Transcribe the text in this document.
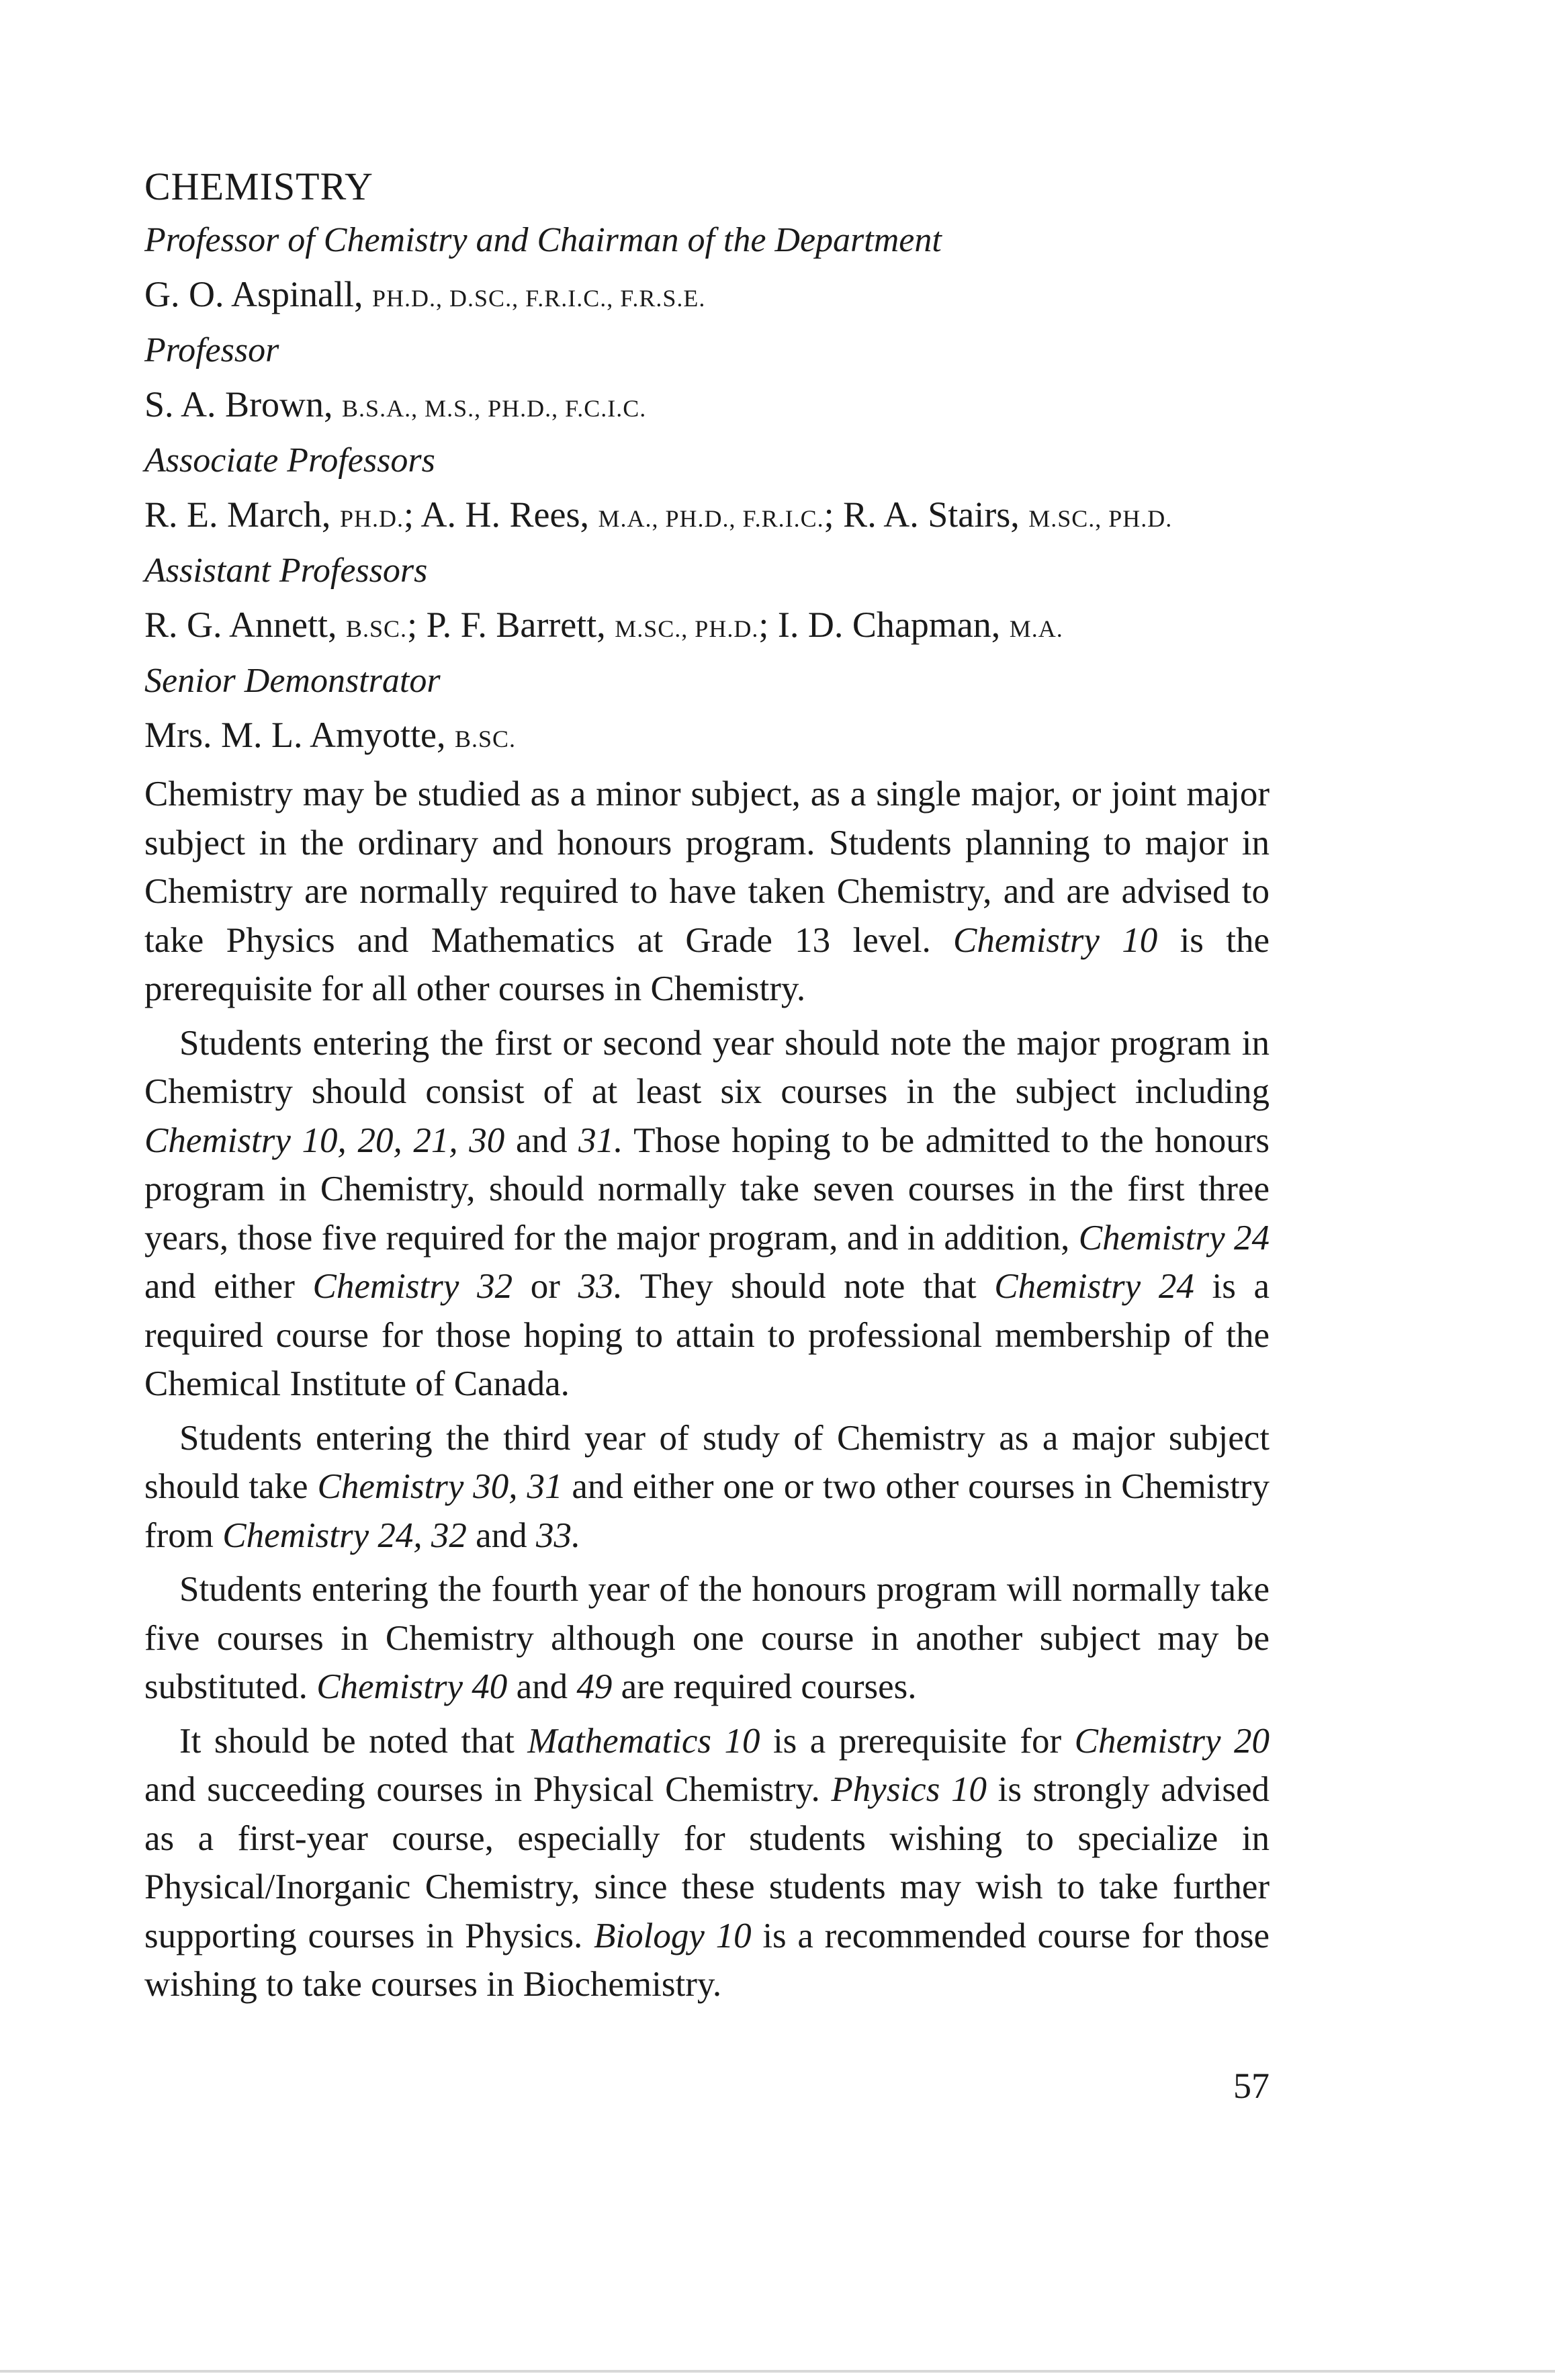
CHEMISTRY
Professor of Chemistry and Chairman of the Department
G. O. Aspinall, PH.D., D.SC., F.R.I.C., F.R.S.E.
Professor
S. A. Brown, B.S.A., M.S., PH.D., F.C.I.C.
Associate Professors
R. E. March, PH.D.; A. H. Rees, M.A., PH.D., F.R.I.C.; R. A. Stairs, M.SC., PH.D.
Assistant Professors
R. G. Annett, B.SC.; P. F. Barrett, M.SC., PH.D.; I. D. Chapman, M.A.
Senior Demonstrator
Mrs. M. L. Amyotte, B.SC.

Chemistry may be studied as a minor subject, as a single major, or joint major subject in the ordinary and honours program. Students planning to major in Chemistry are normally required to have taken Chemistry, and are advised to take Physics and Mathematics at Grade 13 level. Chemistry 10 is the prerequisite for all other courses in Chemistry.

Students entering the first or second year should note the major program in Chemistry should consist of at least six courses in the subject including Chemistry 10, 20, 21, 30 and 31. Those hoping to be admitted to the honours program in Chemistry, should normally take seven courses in the first three years, those five required for the major program, and in addition, Chemistry 24 and either Chemistry 32 or 33. They should note that Chemistry 24 is a required course for those hoping to attain to professional membership of the Chemical Institute of Canada.

Students entering the third year of study of Chemistry as a major subject should take Chemistry 30, 31 and either one or two other courses in Chemistry from Chemistry 24, 32 and 33.

Students entering the fourth year of the honours program will normally take five courses in Chemistry although one course in another subject may be substituted. Chemistry 40 and 49 are required courses.

It should be noted that Mathematics 10 is a prerequisite for Chemistry 20 and succeeding courses in Physical Chemistry. Physics 10 is strongly advised as a first-year course, especially for students wishing to specialize in Physical/Inorganic Chemistry, since these students may wish to take further supporting courses in Physics. Biology 10 is a recommended course for those wishing to take courses in Biochemistry.

57
